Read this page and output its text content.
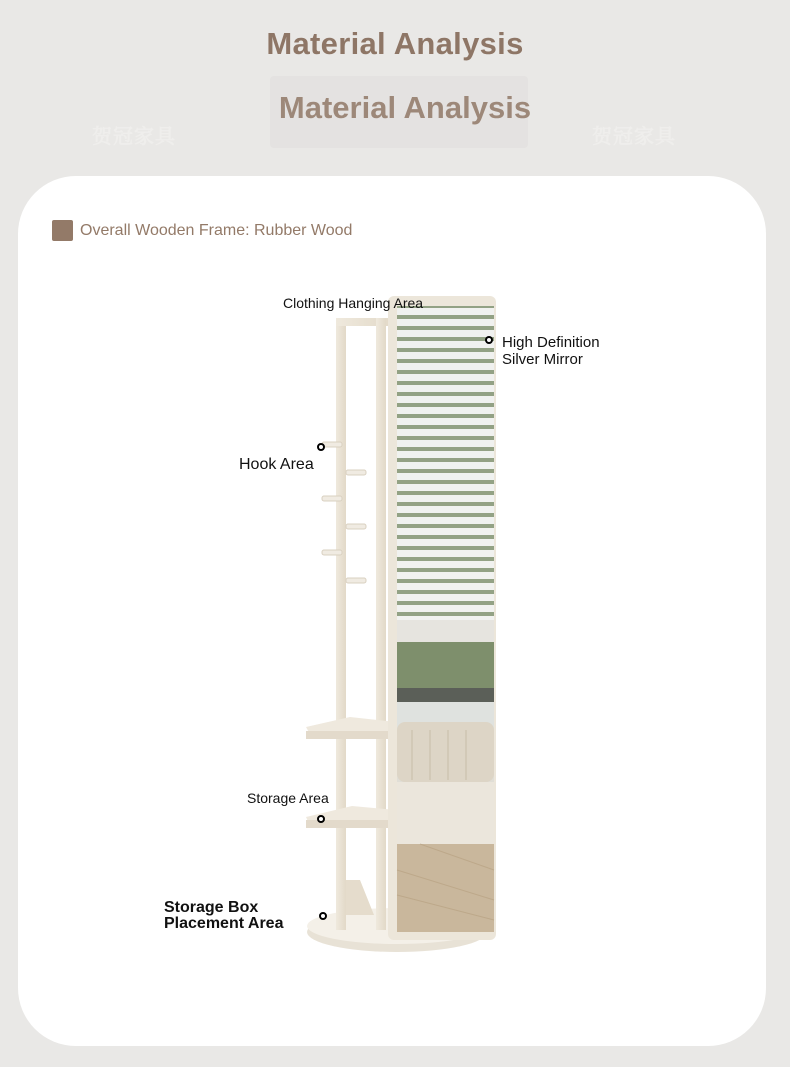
Material Analysis
Material Analysis
贺冠家具	贺冠家具
Overall Wooden Frame: Rubber Wood
Clothing Hanging Area
High Definition
Silver Mirror
Hook Area
Storage Area
Storage Box
Placement Area
